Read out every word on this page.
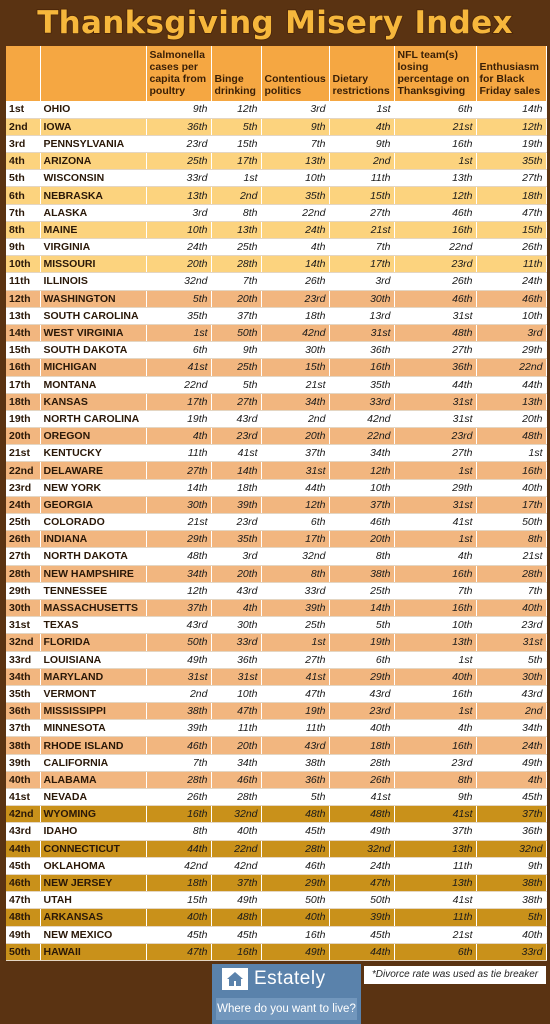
Thanksgiving Misery Index
		Salmonella cases per capita from poultry	Binge drinking	Contentious politics	Dietary restrictions	NFL team(s) losing percentage on Thanksgiving	Enthusiasm for Black Friday sales
1st	OHIO	9th	12th	3rd	1st	6th	14th
2nd	IOWA	36th	5th	9th	4th	21st	12th
3rd	PENNSYLVANIA	23rd	15th	7th	9th	16th	19th
4th	ARIZONA	25th	17th	13th	2nd	1st	35th
5th	WISCONSIN	33rd	1st	10th	11th	13th	27th
6th	NEBRASKA	13th	2nd	35th	15th	12th	18th
7th	ALASKA	3rd	8th	22nd	27th	46th	47th
8th	MAINE	10th	13th	24th	21st	16th	15th
9th	VIRGINIA	24th	25th	4th	7th	22nd	26th
10th	MISSOURI	20th	28th	14th	17th	23rd	11th
11th	ILLINOIS	32nd	7th	26th	3rd	26th	24th
12th	WASHINGTON	5th	20th	23rd	30th	46th	46th
13th	SOUTH CAROLINA	35th	37th	18th	13rd	31st	10th
14th	WEST VIRGINIA	1st	50th	42nd	31st	48th	3rd
15th	SOUTH DAKOTA	6th	9th	30th	36th	27th	29th
16th	MICHIGAN	41st	25th	15th	16th	36th	22nd
17th	MONTANA	22nd	5th	21st	35th	44th	44th
18th	KANSAS	17th	27th	34th	33rd	31st	13th
19th	NORTH CAROLINA	19th	43rd	2nd	42nd	31st	20th
20th	OREGON	4th	23rd	20th	22nd	23rd	48th
21st	KENTUCKY	11th	41st	37th	34th	27th	1st
22nd	DELAWARE	27th	14th	31st	12th	1st	16th
23rd	NEW YORK	14th	18th	44th	10th	29th	40th
24th	GEORGIA	30th	39th	12th	37th	31st	17th
25th	COLORADO	21st	23rd	6th	46th	41st	50th
26th	INDIANA	29th	35th	17th	20th	1st	8th
27th	NORTH DAKOTA	48th	3rd	32nd	8th	4th	21st
28th	NEW HAMPSHIRE	34th	20th	8th	38th	16th	28th
29th	TENNESSEE	12th	43rd	33rd	25th	7th	7th
30th	MASSACHUSETTS	37th	4th	39th	14th	16th	40th
31st	TEXAS	43rd	30th	25th	5th	10th	23rd
32nd	FLORIDA	50th	33rd	1st	19th	13th	31st
33rd	LOUISIANA	49th	36th	27th	6th	1st	5th
34th	MARYLAND	31st	31st	41st	29th	40th	30th
35th	VERMONT	2nd	10th	47th	43rd	16th	43rd
36th	MISSISSIPPI	38th	47th	19th	23rd	1st	2nd
37th	MINNESOTA	39th	11th	11th	40th	4th	34th
38th	RHODE ISLAND	46th	20th	43rd	18th	16th	24th
39th	CALIFORNIA	7th	34th	38th	28th	23rd	49th
40th	ALABAMA	28th	46th	36th	26th	8th	4th
41st	NEVADA	26th	28th	5th	41st	9th	45th
42nd	WYOMING	16th	32nd	48th	48th	41st	37th
43rd	IDAHO	8th	40th	45th	49th	37th	36th
44th	CONNECTICUT	44th	22nd	28th	32nd	13th	32nd
45th	OKLAHOMA	42nd	42nd	46th	24th	11th	9th
46th	NEW JERSEY	18th	37th	29th	47th	13th	38th
47th	UTAH	15th	49th	50th	50th	41st	38th
48th	ARKANSAS	40th	48th	40th	39th	11th	5th
49th	NEW MEXICO	45th	45th	16th	45th	21st	40th
50th	HAWAII	47th	16th	49th	44th	6th	33rd
Estately
Where do you want to live?
*Divorce rate was used as tie breaker
